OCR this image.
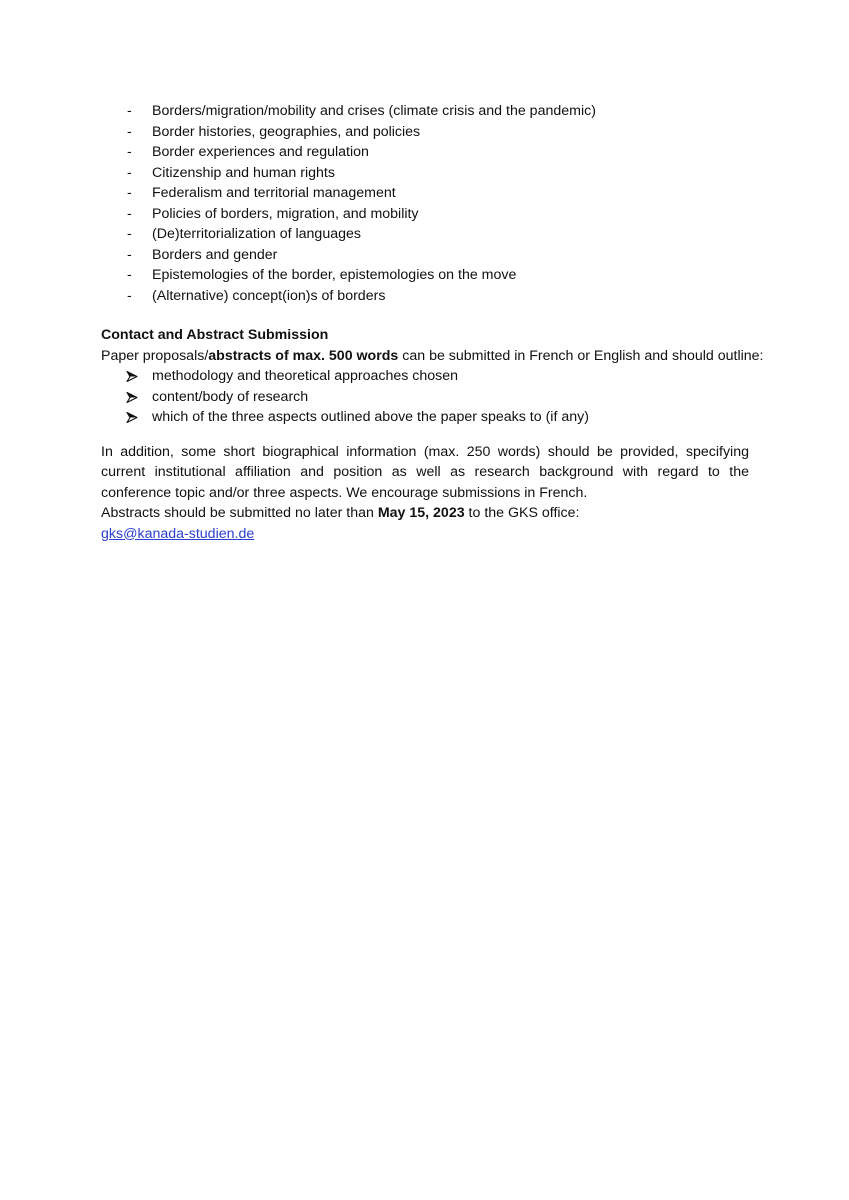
- Borders/migration/mobility and crises (climate crisis and the pandemic)
- Border histories, geographies, and policies
- Border experiences and regulation
- Citizenship and human rights
- Federalism and territorial management
- Policies of borders, migration, and mobility
- (De)territorialization of languages
- Borders and gender
- Epistemologies of the border, epistemologies on the move
- (Alternative) concept(ion)s of borders
Contact and Abstract Submission
Paper proposals/abstracts of max. 500 words can be submitted in French or English and should outline:
methodology and theoretical approaches chosen
content/body of research
which of the three aspects outlined above the paper speaks to (if any)
In addition, some short biographical information (max. 250 words) should be provided, specifying
current institutional affiliation and position as well as research background with regard to the
conference topic and/or three aspects. We encourage submissions in French.
Abstracts should be submitted no later than May 15, 2023 to the GKS office:
gks@kanada-studien.de
